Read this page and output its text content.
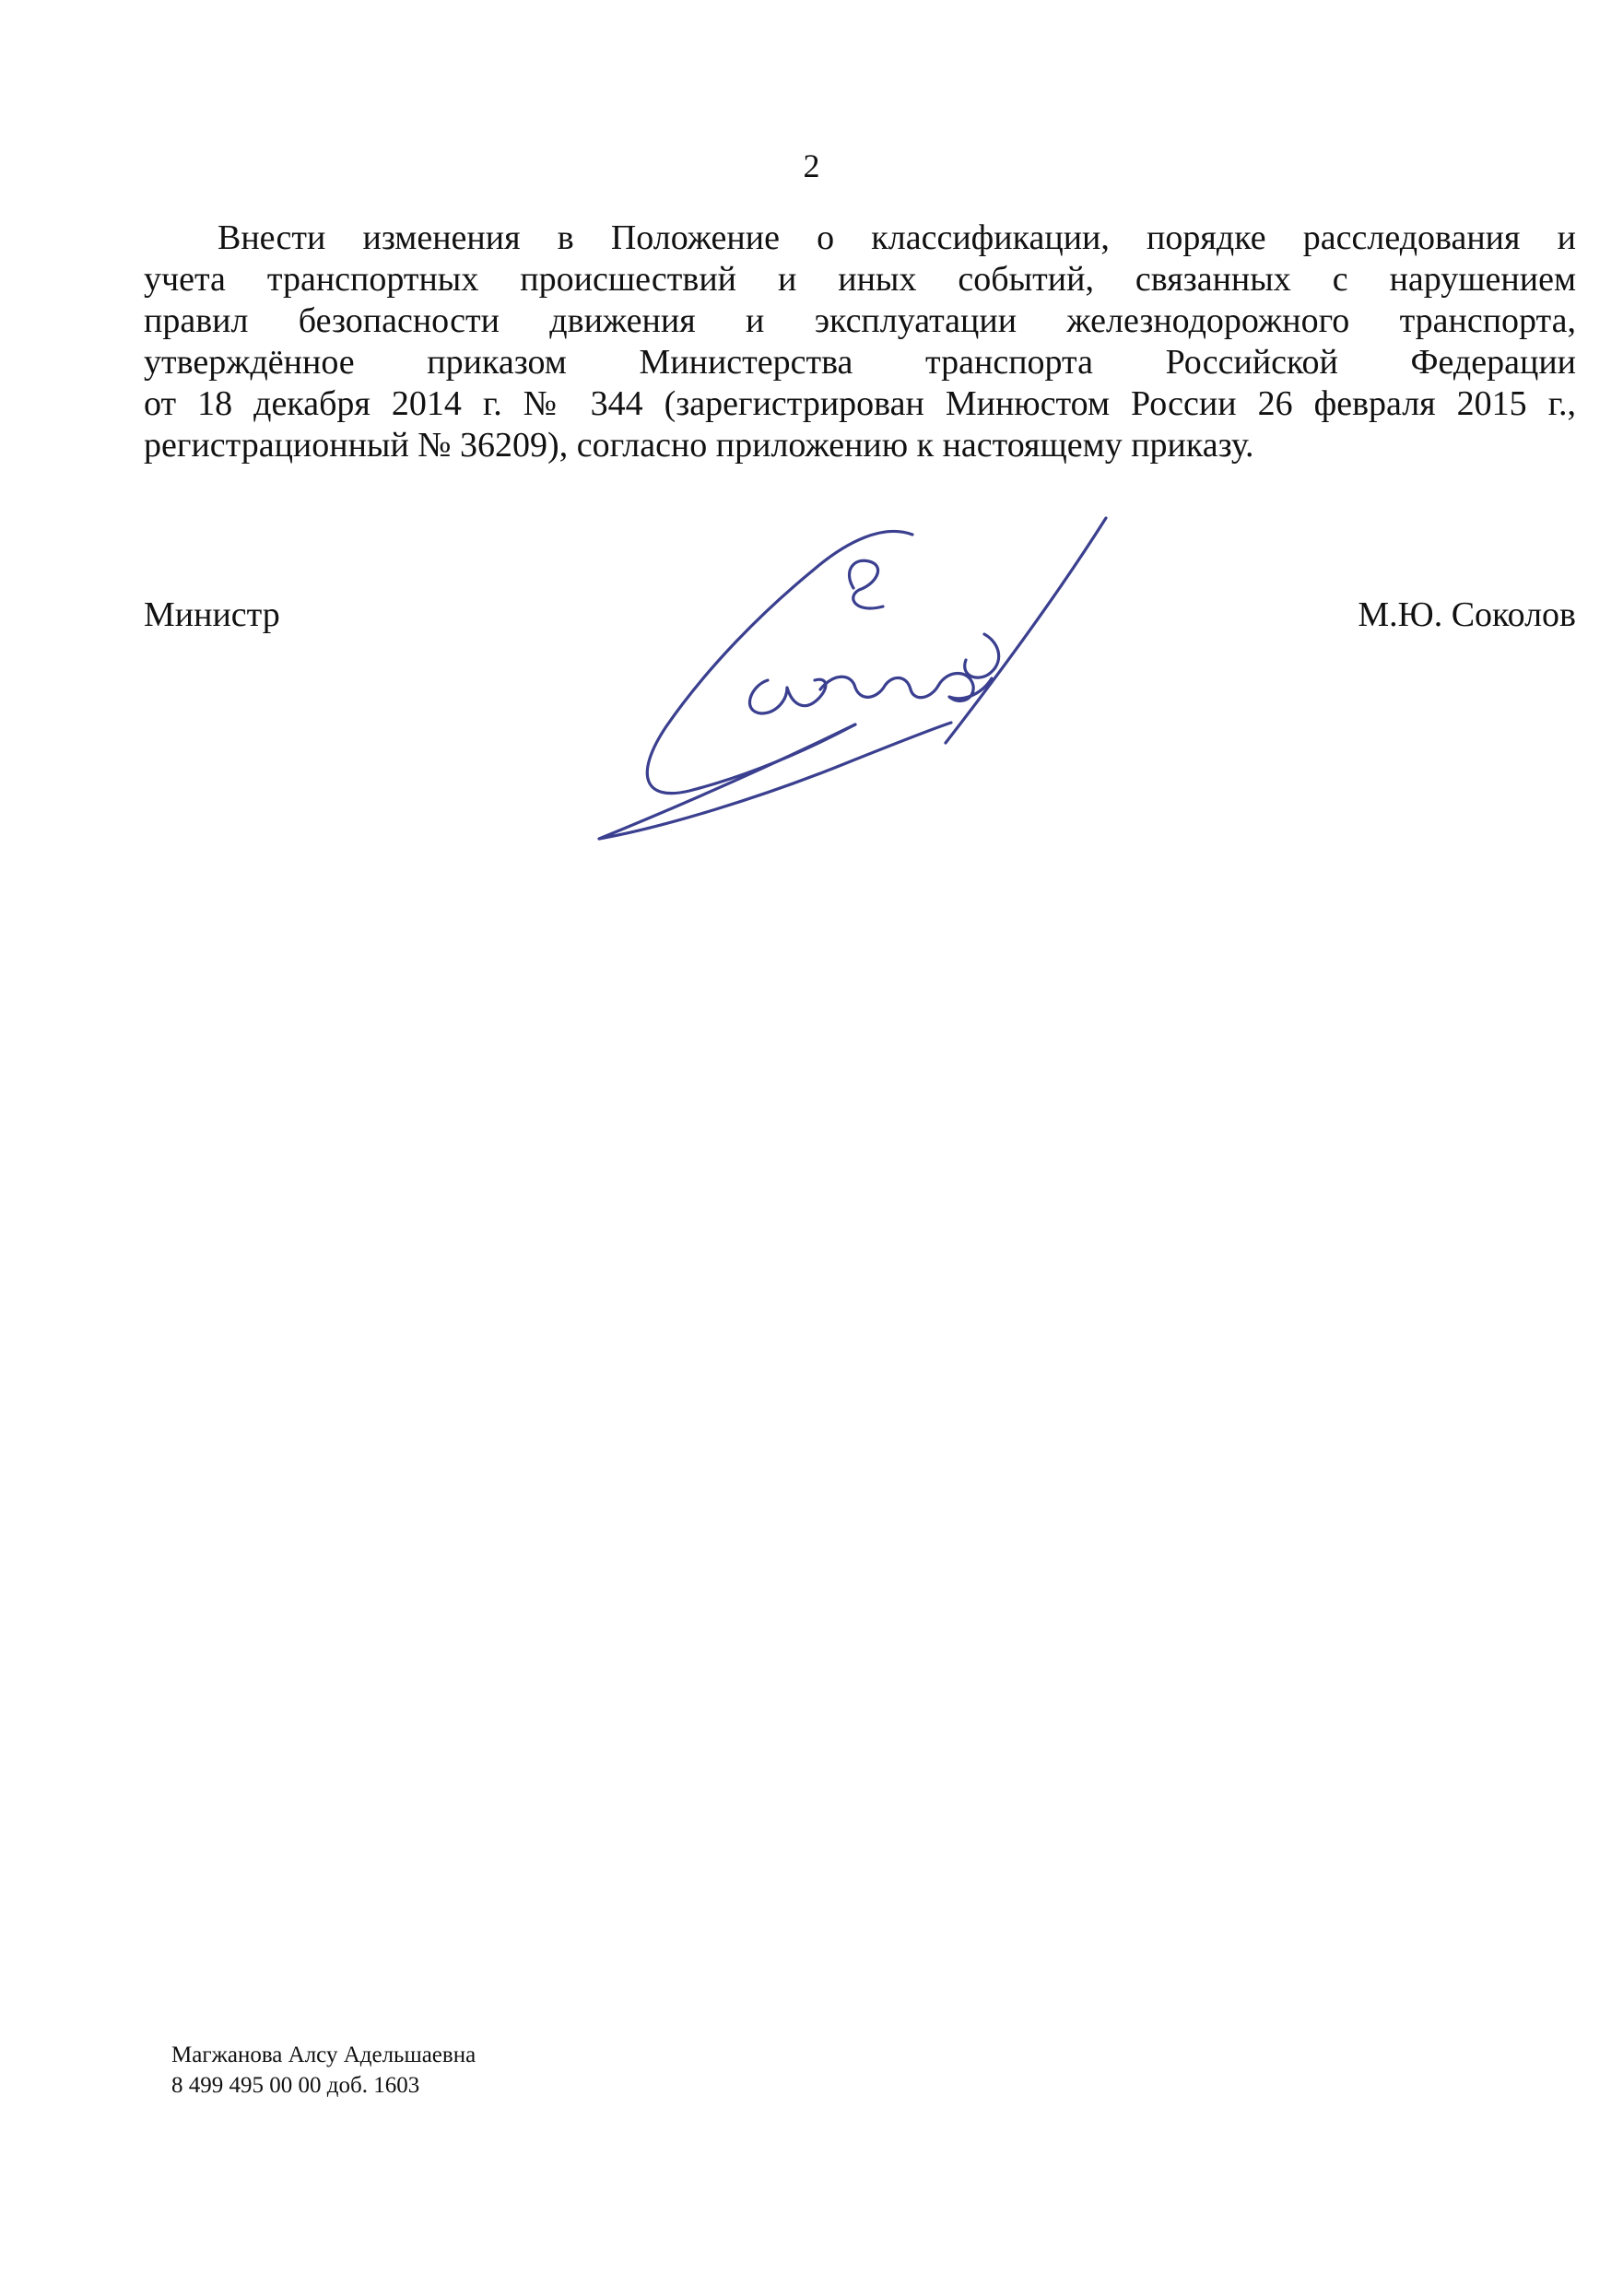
2
Внести изменения в Положение о классификации, порядке расследования и
учета транспортных происшествий и иных событий, связанных с нарушением
правил безопасности движения и эксплуатации железнодорожного транспорта,
утверждённое приказом Министерства транспорта Российской Федерации
от 18 декабря 2014 г. № 344 (зарегистрирован Минюстом России 26 февраля 2015 г.,
регистрационный № 36209), согласно приложению к настоящему приказу.
Министр	М.Ю. Соколов
Магжанова Алсу Адельшаевна
8 499 495 00 00 доб. 1603
